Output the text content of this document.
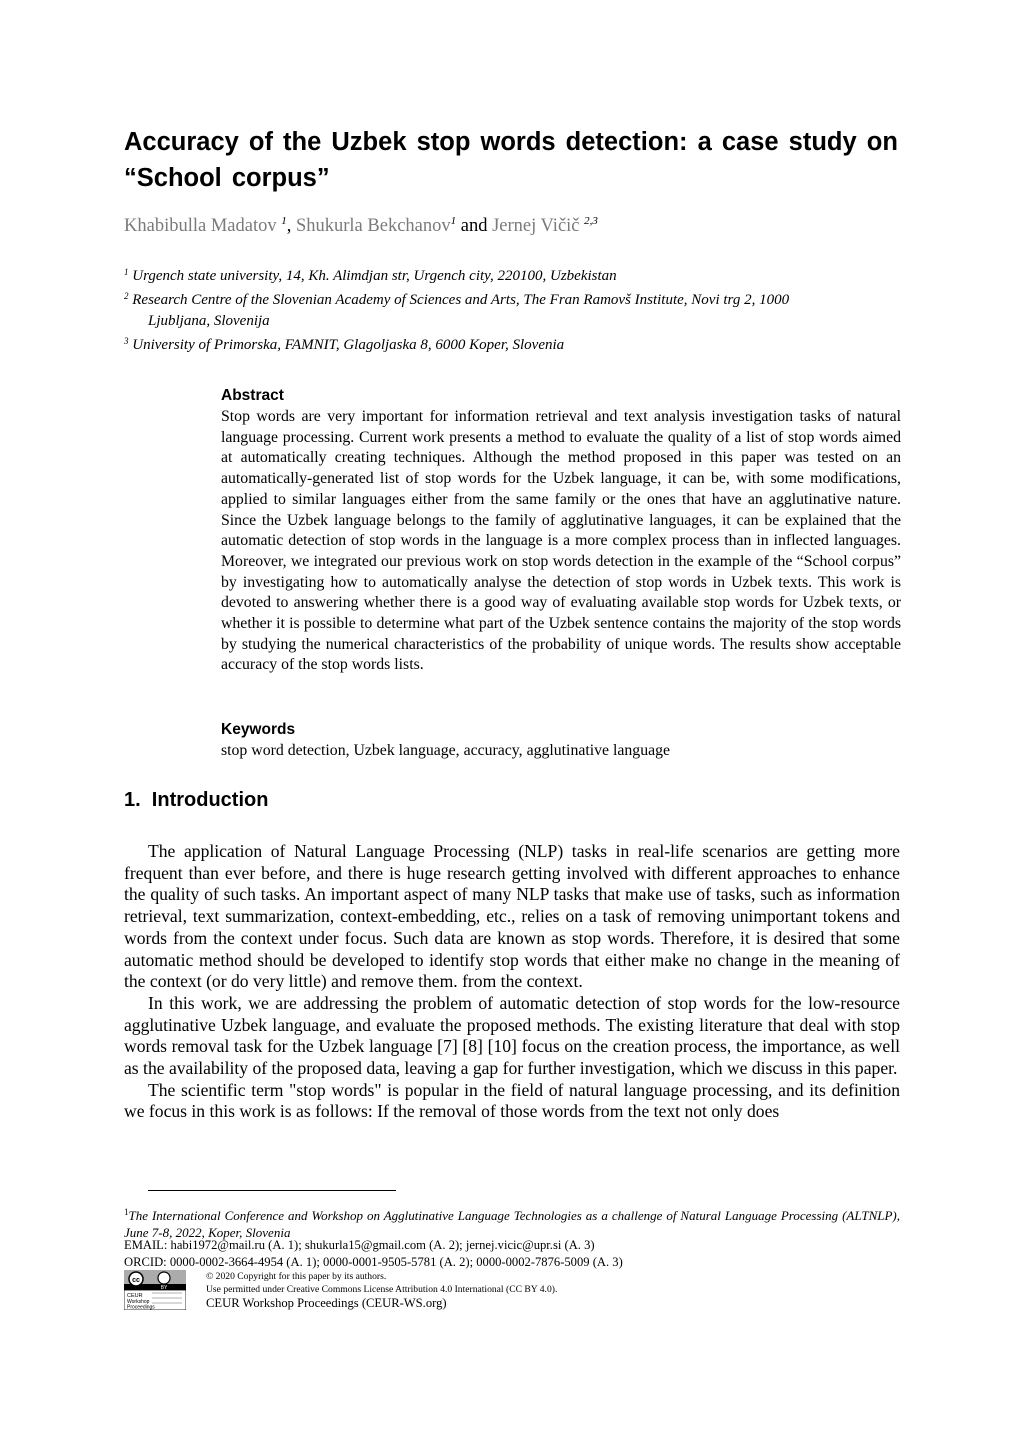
Accuracy of the Uzbek stop words detection: a case study on “School corpus”
Khabibulla Madatov $^1$, Shukurla Bekchanov$^1$ and Jernej Vičič $^{2,3}$
$^1$ Urgench state university, 14, Kh. Alimdjan str, Urgench city, 220100, Uzbekistan
$^2$ Research Centre of the Slovenian Academy of Sciences and Arts, The Fran Ramovš Institute, Novi trg 2, 1000
Ljubljana, Slovenija
$^3$ University of Primorska, FAMNIT, Glagoljaska 8, 6000 Koper, Slovenia
Abstract

Stop words are very important for information retrieval and text analysis investigation tasks of natural language processing. Current work presents a method to evaluate the quality of a list of stop words aimed at automatically creating techniques. Although the method proposed in this paper was tested on an automatically-generated list of stop words for the Uzbek language, it can be, with some modifications, applied to similar languages either from the same family or the ones that have an agglutinative nature. Since the Uzbek language belongs to the family of agglutinative languages, it can be explained that the automatic detection of stop words in the language is a more complex process than in inflected languages. Moreover, we integrated our previous work on stop words detection in the example of the “School corpus” by investigating how to automatically analyse the detection of stop words in Uzbek texts. This work is devoted to answering whether there is a good way of evaluating available stop words for Uzbek texts, or whether it is possible to determine what part of the Uzbek sentence contains the majority of the stop words by studying the numerical characteristics of the probability of unique words. The results show acceptable accuracy of the stop words lists.

Keywords

stop word detection, Uzbek language, accuracy, agglutinative language

1.  Introduction

The application of Natural Language Processing (NLP) tasks in real-life scenarios are getting more frequent than ever before, and there is huge research getting involved with different approaches to enhance the quality of such tasks. An important aspect of many NLP tasks that make use of tasks, such as information retrieval, text summarization, context-embedding, etc., relies on a task of removing unimportant tokens and words from the context under focus. Such data are known as stop words. Therefore, it is desired that some automatic method should be developed to identify stop words that either make no change in the meaning of the context (or do very little) and remove them. from the context.

In this work, we are addressing the problem of automatic detection of stop words for the low-resource agglutinative Uzbek language, and evaluate the proposed methods. The existing literature that deal with stop words removal task for the Uzbek language [7] [8] [10] focus on the creation process, the importance, as well as the availability of the proposed data, leaving a gap for further investigation, which we discuss in this paper.

The scientific term "stop words" is popular in the field of natural language processing, and its definition we focus in this work is as follows: If the removal of those words from the text not only does

$^1$The International Conference and Workshop on Agglutinative Language Technologies as a challenge of Natural Language Processing (ALTNLP), June 7-8, 2022, Koper, Slovenia
EMAIL: habi1972@mail.ru (A. 1); shukurla15@gmail.com (A. 2); jernej.vicic@upr.si (A. 3)
ORCID: 0000-0002-3664-4954 (A. 1); 0000-0001-9505-5781 (A. 2); 0000-0002-7876-5009 (A. 3)
cc
BY
CEUR
Workshop
Proceedings
© 2020 Copyright for this paper by its authors.
Use permitted under Creative Commons License Attribution 4.0 International (CC BY 4.0).
CEUR Workshop Proceedings (CEUR-WS.org)
